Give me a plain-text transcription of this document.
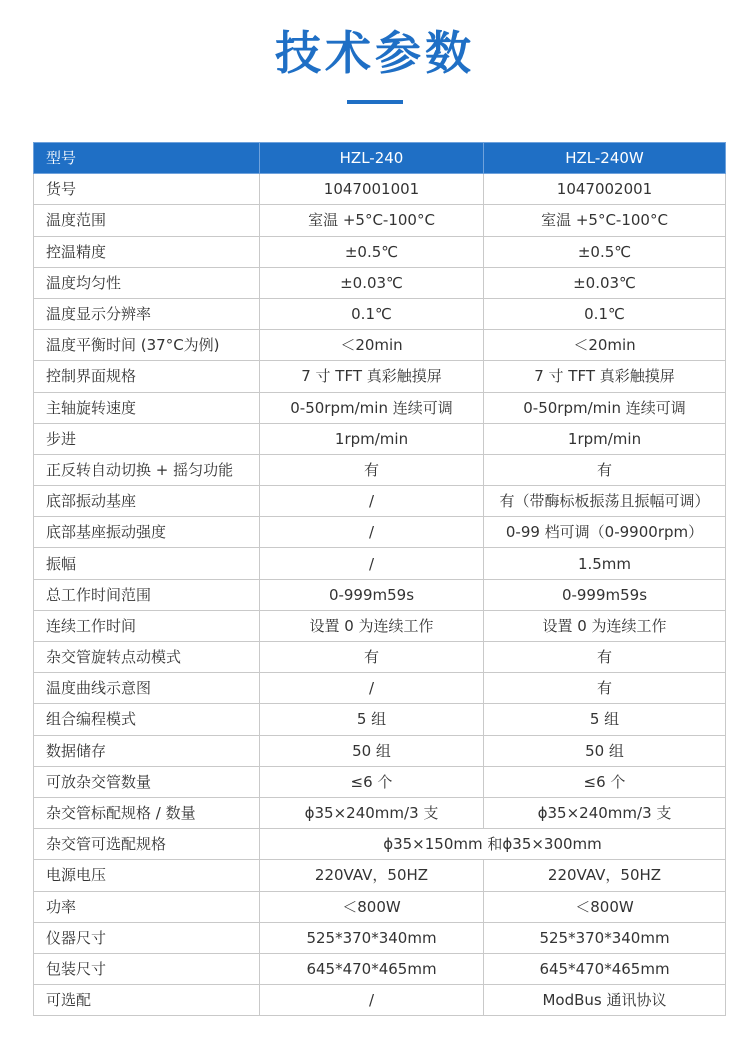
技术参数
型号	HZL-240	HZL-240W
货号	1047001001	1047002001
温度范围	室温 +5°C-100°C	室温 +5°C-100°C
控温精度	±0.5℃	±0.5℃
温度均匀性	±0.03℃	±0.03℃
温度显示分辨率	0.1℃	0.1℃
温度平衡时间 (37°C为例)	＜20min	＜20min
控制界面规格	7 寸 TFT 真彩触摸屏	7 寸 TFT 真彩触摸屏
主轴旋转速度	0-50rpm/min 连续可调	0-50rpm/min 连续可调
步进	1rpm/min	1rpm/min
正反转自动切换 + 摇匀功能	有	有
底部振动基座	/	有（带酶标板振荡且振幅可调）
底部基座振动强度	/	0-99 档可调（0-9900rpm）
振幅	/	1.5mm
总工作时间范围	0-999m59s	0-999m59s
连续工作时间	设置 0 为连续工作	设置 0 为连续工作
杂交管旋转点动模式	有	有
温度曲线示意图	/	有
组合编程模式	5 组	5 组
数据储存	50 组	50 组
可放杂交管数量	≤6 个	≤6 个
杂交管标配规格 / 数量	ϕ35×240mm/3 支	ϕ35×240mm/3 支
杂交管可选配规格	ϕ35×150mm 和ϕ35×300mm	
电源电压	220VAV，50HZ	220VAV，50HZ
功率	＜800W	＜800W
仪器尺寸	525*370*340mm	525*370*340mm
包装尺寸	645*470*465mm	645*470*465mm
可选配	/	ModBus 通讯协议
